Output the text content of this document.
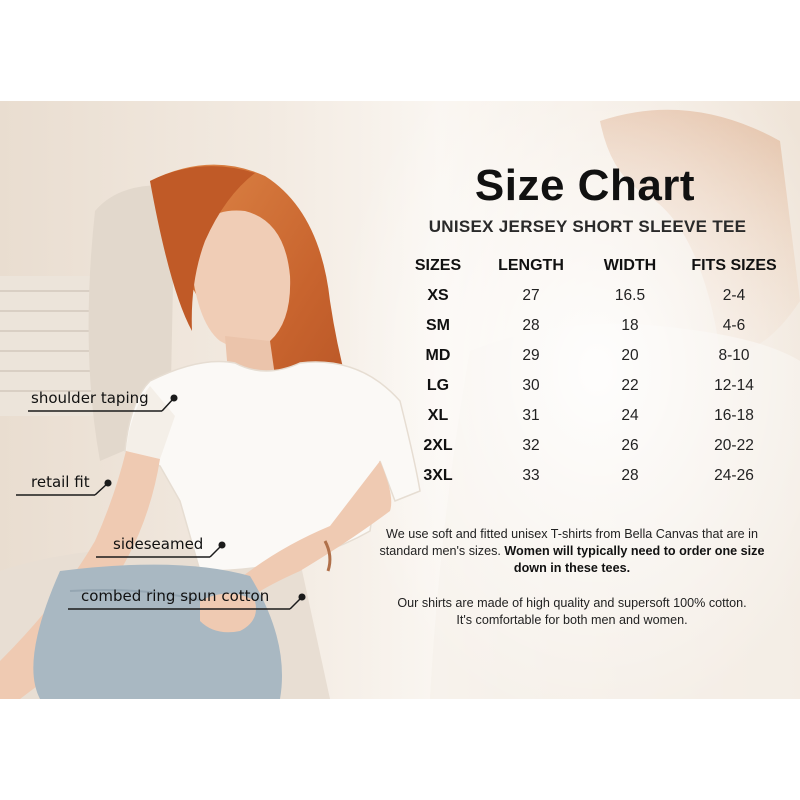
shoulder taping
retail fit
sideseamed
combed ring spun cotton
Size Chart
UNISEX JERSEY SHORT SLEEVE TEE
SIZES	LENGTH	WIDTH	FITS SIZES
XS	27	16.5	2-4
SM	28	18	4-6
MD	29	20	8-10
LG	30	22	12-14
XL	31	24	16-18
2XL	32	26	20-22
3XL	33	28	24-26
We use soft and fitted unisex T-shirts from Bella Canvas that are in standard men's sizes. Women will typically need to order one size down in these tees.
Our shirts are made of high quality and supersoft 100% cotton.
It's comfortable for both men and women.
